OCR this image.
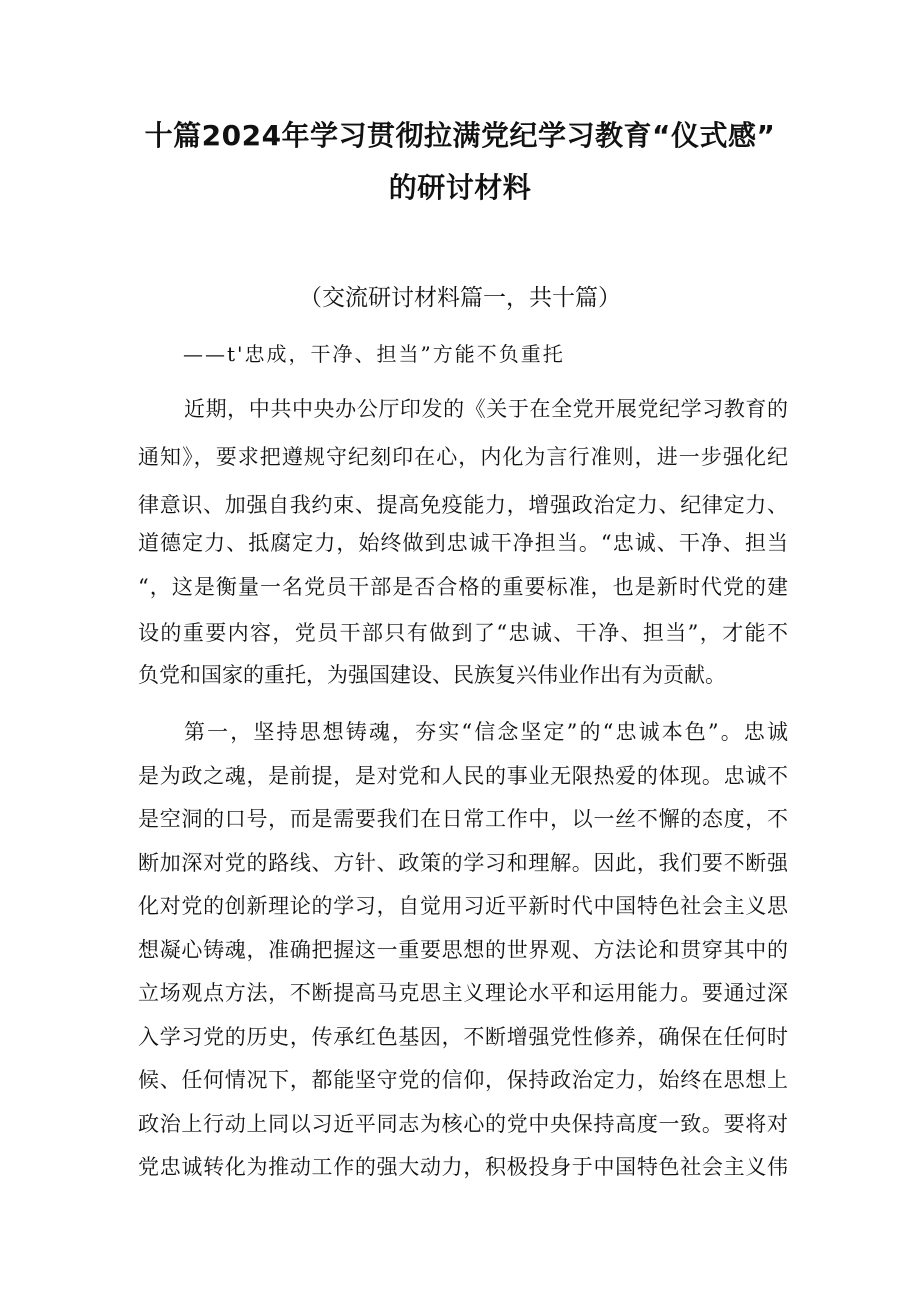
十篇2024年学习贯彻拉满党纪学习教育“仪式感”
的研讨材料
（交流研讨材料篇一，共十篇）
——t'忠成，干净、担当”方能不负重托
近期，中共中央办公厅印发的《关于在全党开展党纪学习教育的
通知》，要求把遵规守纪刻印在心，内化为言行准则，进一步强化纪
律意识、加强自我约束、提高免疫能力，增强政治定力、纪律定力、
道德定力、抵腐定力，始终做到忠诚干净担当。“忠诚、干净、担当
“，这是衡量一名党员干部是否合格的重要标准，也是新时代党的建
设的重要内容，党员干部只有做到了“忠诚、干净、担当”，才能不
负党和国家的重托，为强国建设、民族复兴伟业作出有为贡献。
第一，坚持思想铸魂，夯实“信念坚定”的“忠诚本色”。忠诚
是为政之魂，是前提，是对党和人民的事业无限热爱的体现。忠诚不
是空洞的口号，而是需要我们在日常工作中，以一丝不懈的态度，不
断加深对党的路线、方针、政策的学习和理解。因此，我们要不断强
化对党的创新理论的学习，自觉用习近平新时代中国特色社会主义思
想凝心铸魂，准确把握这一重要思想的世界观、方法论和贯穿其中的
立场观点方法，不断提高马克思主义理论水平和运用能力。要通过深
入学习党的历史，传承红色基因，不断增强党性修养，确保在任何时
候、任何情况下，都能坚守党的信仰，保持政治定力，始终在思想上
政治上行动上同以习近平同志为核心的党中央保持高度一致。要将对
党忠诚转化为推动工作的强大动力，积极投身于中国特色社会主义伟
